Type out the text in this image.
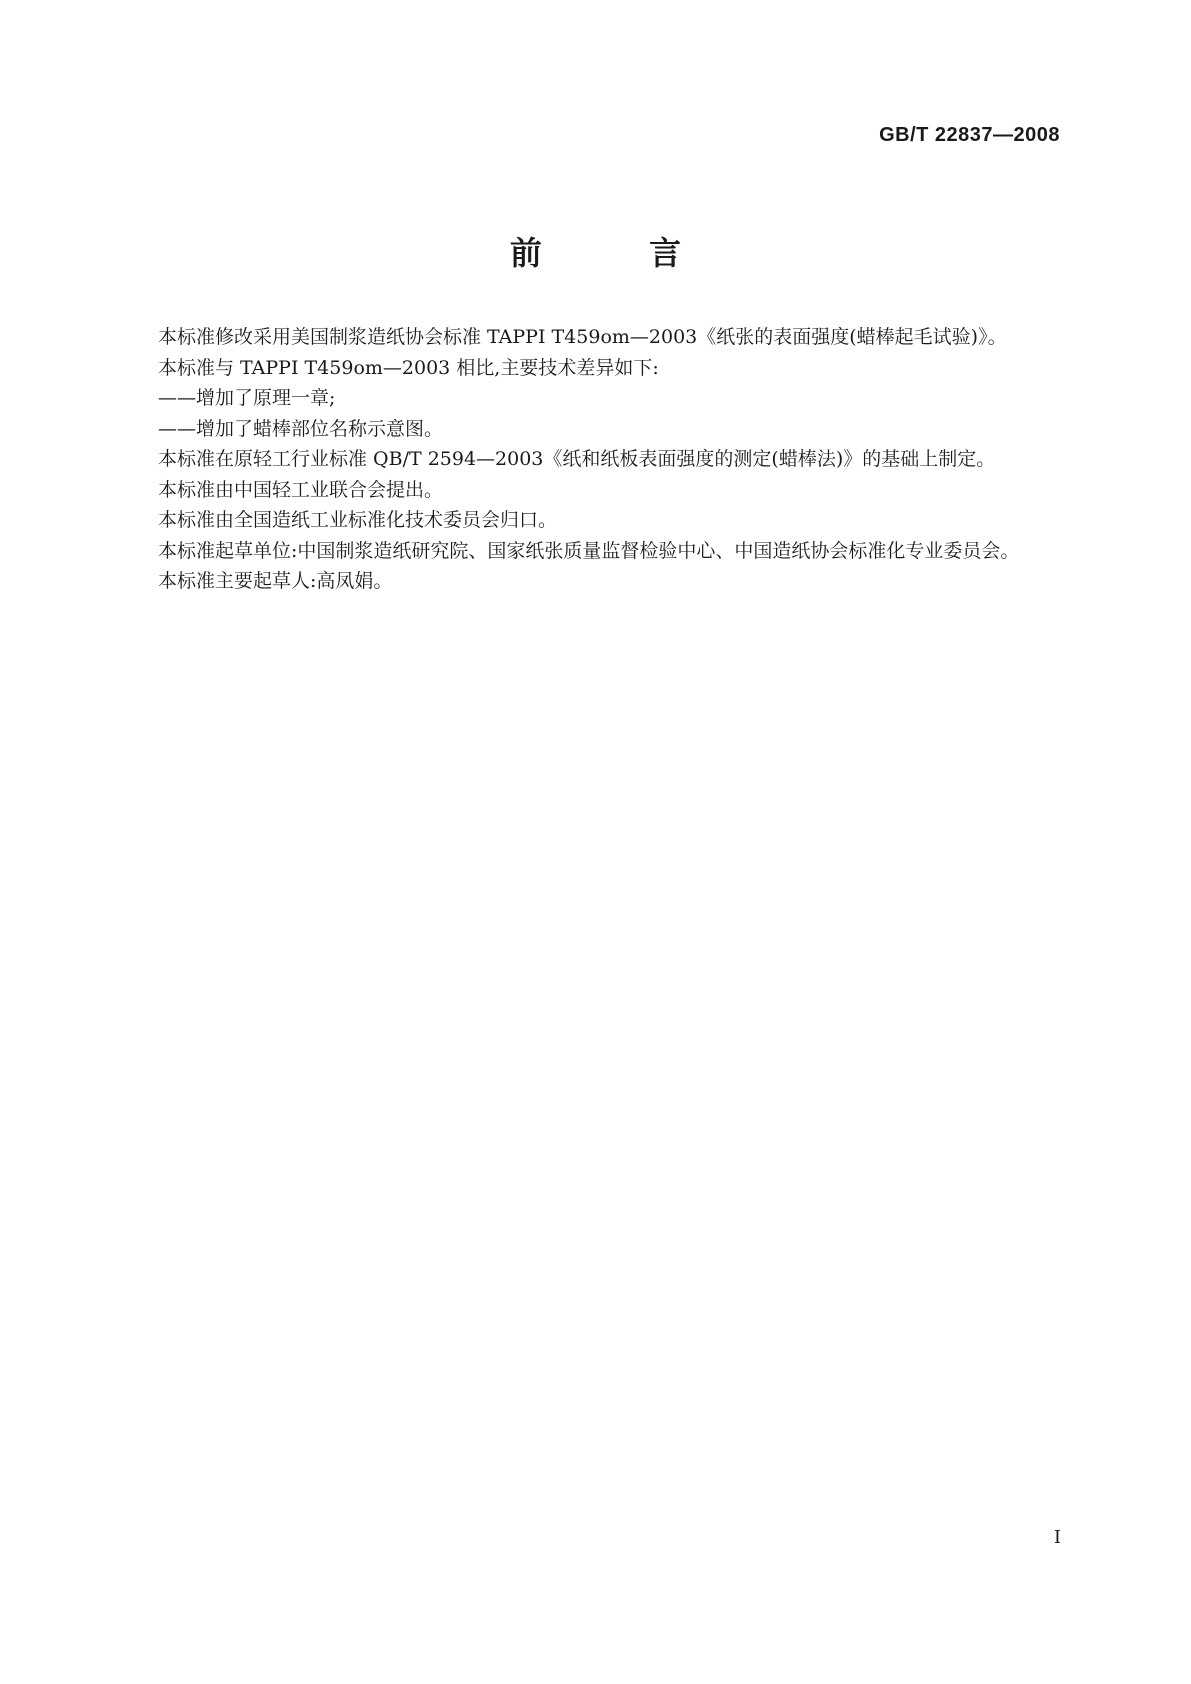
GB/T 22837—2008
前 言

本标准修改采用美国制浆造纸协会标准 TAPPI T459om—2003《纸张的表面强度(蜡棒起毛试验)》。

本标准与 TAPPI T459om—2003 相比,主要技术差异如下:

——增加了原理一章;

——增加了蜡棒部位名称示意图。

本标准在原轻工行业标准 QB/T 2594—2003《纸和纸板表面强度的测定(蜡棒法)》的基础上制定。

本标准由中国轻工业联合会提出。

本标准由全国造纸工业标准化技术委员会归口。

本标准起草单位:中国制浆造纸研究院、国家纸张质量监督检验中心、中国造纸协会标准化专业委员会。

本标准主要起草人:高凤娟。

I
